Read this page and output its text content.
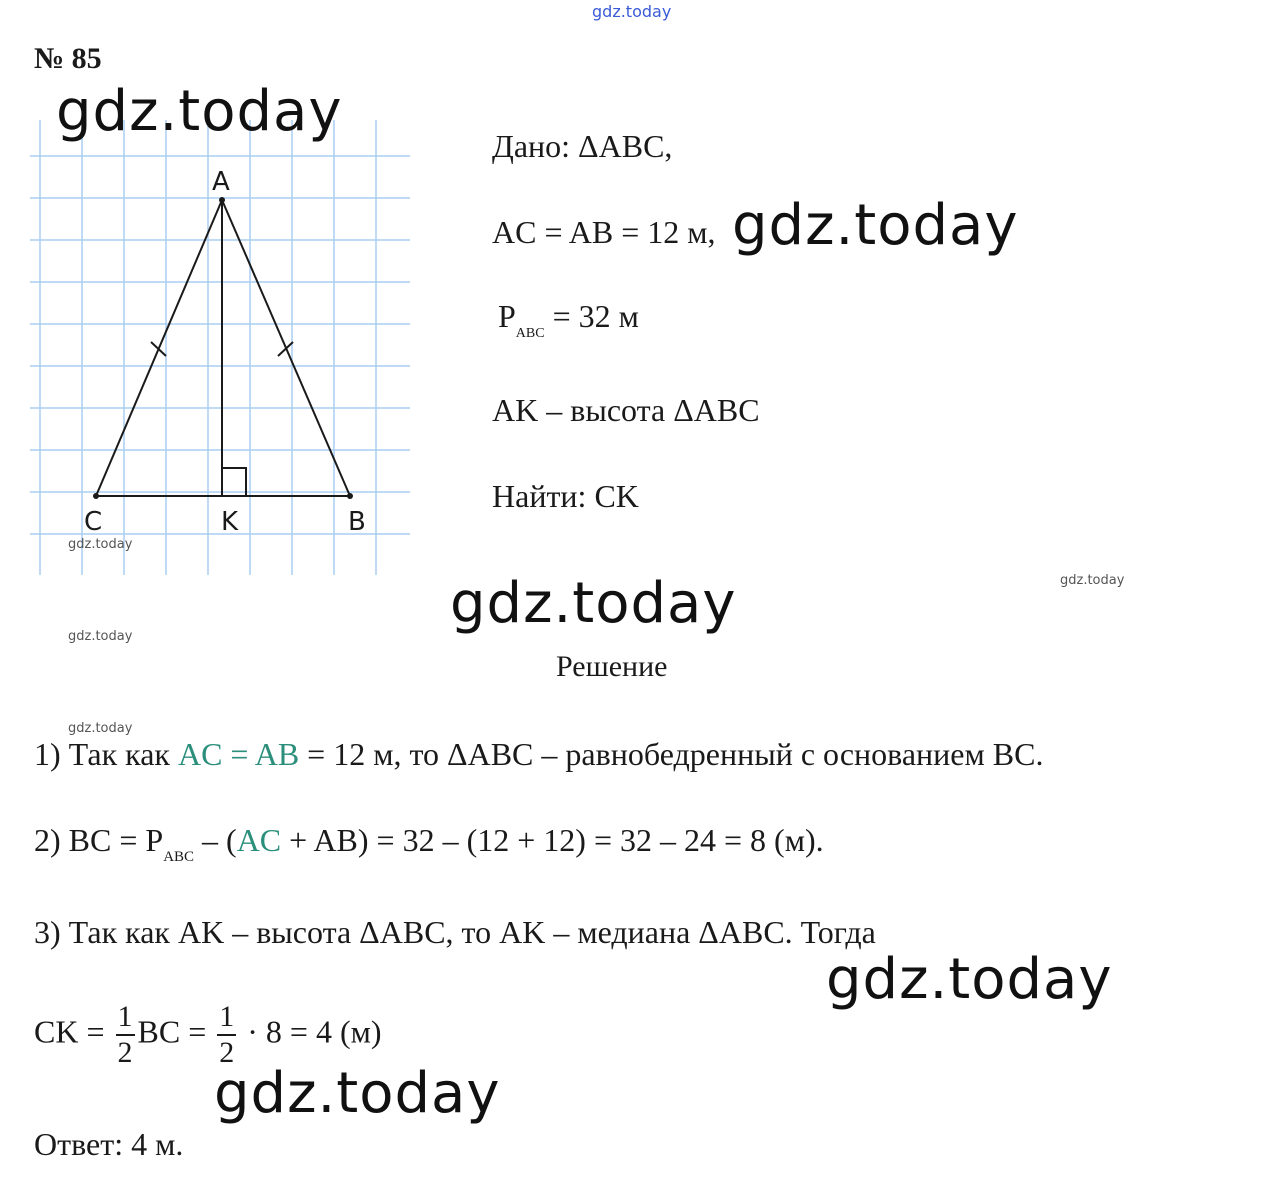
gdz.today
№ 85
A
C	K	B
gdz.today
gdz.today
gdz.today
gdz.today
gdz.today
gdz.today
gdz.today
gdz.today
gdz.today
Дано: ΔABC,
AC = AB = 12 м,
$P_{ABC} = 32$ м
AK – высота ΔABC
Найти: CK
Решение
1) Так как AC = AB = 12 м, то ΔABC – равнобедренный с основанием BC.
2) BC = $P_{ABC} - (AC + AB) = 32 - (12 + 12) = 32 - 24 = 8$ (м).
3) Так как AK – высота ΔABC, то AK – медиана ΔABC. Тогда
CK = $\frac{1}{2}$ BC = $\frac{1}{2} \cdot 8 = 4$ (м)
Ответ: 4 м.
